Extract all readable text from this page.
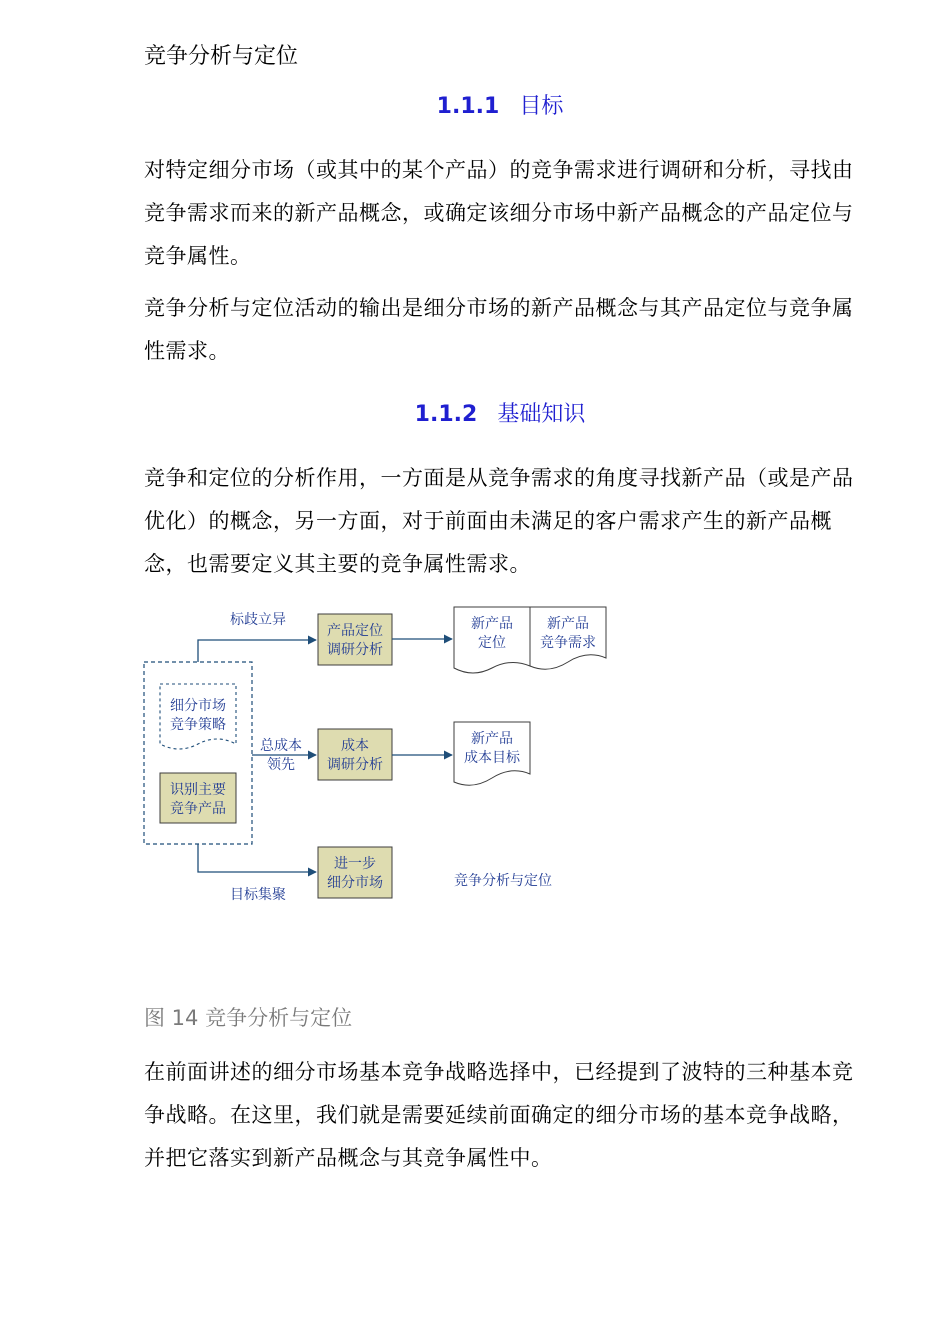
竞争分析与定位
1.1.1 目标

对特定细分市场（或其中的某个产品）的竞争需求进行调研和分析，寻找由竞争需求而来的新产品概念，或确定该细分市场中新产品概念的产品定位与竞争属性。

竞争分析与定位活动的输出是细分市场的新产品概念与其产品定位与竞争属性需求。

1.1.2 基础知识

竞争和定位的分析作用，一方面是从竞争需求的角度寻找新产品（或是产品优化）的概念，另一方面，对于前面由未满足的客户需求产生的新产品概念，也需要定义其主要的竞争属性需求。

细分市场
竞争策略
识别主要
竞争产品
标歧立异
总成本
领先
目标集聚
产品定位
调研分析
成本
调研分析
进一步
细分市场
新产品
定位
新产品
竞争需求
新产品
成本目标
竞争分析与定位
图 14 竞争分析与定位

在前面讲述的细分市场基本竞争战略选择中，已经提到了波特的三种基本竞争战略。在这里，我们就是需要延续前面确定的细分市场的基本竞争战略，并把它落实到新产品概念与其竞争属性中。
